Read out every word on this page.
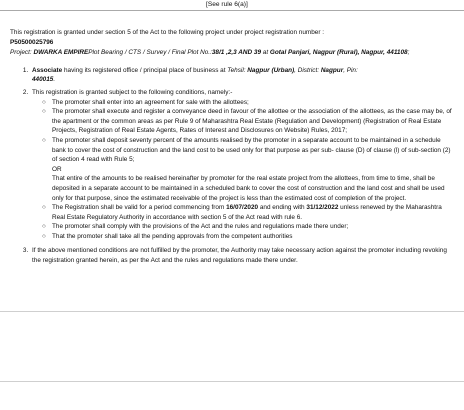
[See rule 6(a)]

This registration is granted under section 5 of the Act to the following project under project registration number :

P50500025796

Project: DWARKA EMPIREPlot Bearing / CTS / Survey / Final Plot No.:38/1 ,2,3 AND 39 at Gotal Panjari, Nagpur (Rural), Nagpur, 441108;

1. Associate having its registered office / principal place of business at Tehsil: Nagpur (Urban), District: Nagpur, Pin:
440015.
2. This registration is granted subject to the following conditions, namely:-
○ The promoter shall enter into an agreement for sale with the allottees;
○ The promoter shall execute and register a conveyance deed in favour of the allottee or the association of the allottees, as the case may be, of the apartment or the common areas as per Rule 9 of Maharashtra Real Estate (Regulation and Development) (Registration of Real Estate Projects, Registration of Real Estate Agents, Rates of Interest and Disclosures on Website) Rules, 2017;
○ The promoter shall deposit seventy percent of the amounts realised by the promoter in a separate account to be maintained in a schedule bank to cover the cost of construction and the land cost to be used only for that purpose as per sub- clause (D) of clause (l) of sub-section (2) of section 4 read with Rule 5;

OR

That entire of the amounts to be realised hereinafter by promoter for the real estate project from the allottees, from time to time, shall be deposited in a separate account to be maintained in a scheduled bank to cover the cost of construction and the land cost and shall be used only for that purpose, since the estimated receivable of the project is less than the estimated cost of completion of the project.

○ The Registration shall be valid for a period commencing from 16/07/2020 and ending with 31/12/2022 unless renewed by the Maharashtra Real Estate Regulatory Authority in accordance with section 5 of the Act read with rule 6.
○ The promoter shall comply with the provisions of the Act and the rules and regulations made there under;
○ That the promoter shall take all the pending approvals from the competent authorities
3. If the above mentioned conditions are not fulfilled by the promoter, the Authority may take necessary action against the promoter including revoking the registration granted herein, as per the Act and the rules and regulations made there under.
